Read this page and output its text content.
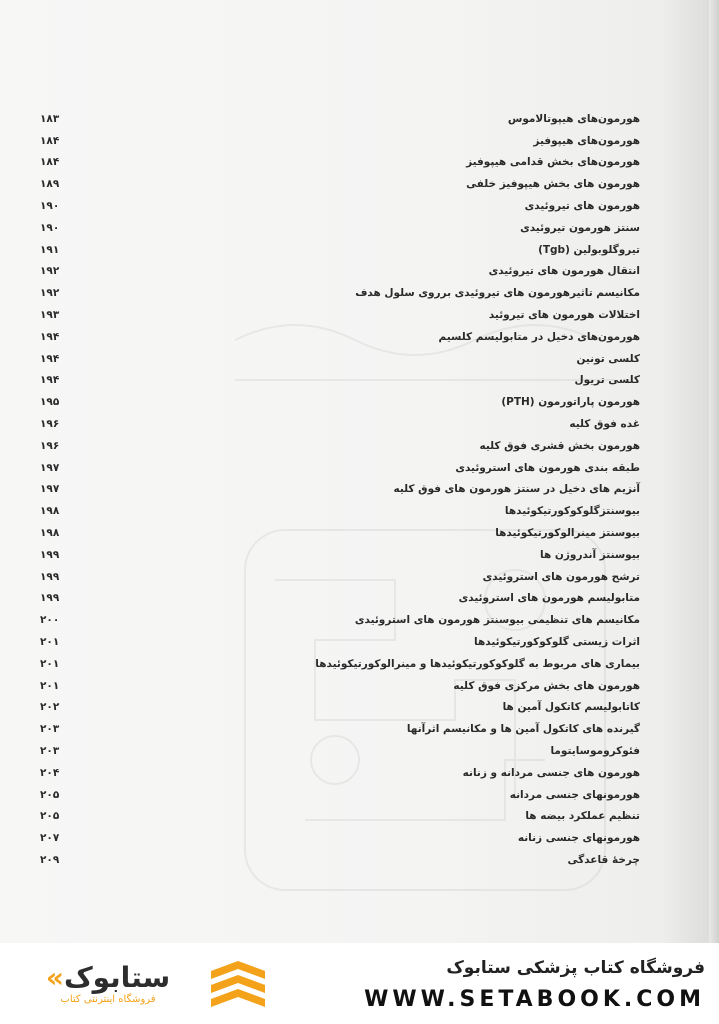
هورمون‌های هیپوتالاموس
۱۸۳
هورمون‌های هیپوفیز
۱۸۴
هورمون‌های بخش قدامی هیپوفیز
۱۸۴
هورمون های بخش هیپوفیز خلفی
۱۸۹
هورمون های تیروئیدی
۱۹۰
سنتز هورمون تیروئیدی
۱۹۰
تیروگلوبولین (Tgb)
۱۹۱
انتقال هورمون های تیروئیدی
۱۹۲
مکانیسم تاثیرهورمون های تیروئیدی برروی سلول هدف
۱۹۲
اختلالات هورمون های تیروئید
۱۹۳
هورمون‌های دخیل در متابولیسم کلسیم
۱۹۴
کلسی تونین
۱۹۴
کلسی تریول
۱۹۴
هورمون پاراتورمون (PTH)
۱۹۵
غده فوق کلیه
۱۹۶
هورمون بخش قشری فوق کلیه
۱۹۶
طبقه بندی هورمون های استروئیدی
۱۹۷
آنزیم های دخیل در سنتز هورمون های فوق کلیه
۱۹۷
بیوسنتزگلوکوکورتیکوئیدها
۱۹۸
بیوسنتز مینرالوکورتیکوئیدها
۱۹۸
بیوسنتز آندروژن ها
۱۹۹
ترشح هورمون های استروئیدی
۱۹۹
متابولیسم هورمون های استروئیدی
۱۹۹
مکانیسم های تنظیمی بیوسنتز هورمون های استروئیدی
۲۰۰
اثرات زیستی گلوکوکورتیکوئیدها
۲۰۱
بیماری های مربوط به گلوکوکورتیکوئیدها و مینرالوکورتیکوئیدها
۲۰۱
هورمون های بخش مرکزی فوق کلیه
۲۰۱
کاتابولیسم کاتکول آمین ها
۲۰۲
گیرنده های کاتکول آمین ها و مکانیسم اثرآنها
۲۰۳
فئوکروموسایتوما
۲۰۳
هورمون های جنسی مردانه و زنانه
۲۰۴
هورمونهای جنسی مردانه
۲۰۵
تنظیم عملکرد بیضه ها
۲۰۵
هورمونهای جنسی زنانه
۲۰۷
چرخهٔ قاعدگی
۲۰۹
«ستابوک
فروشگاه اینترنتی کتاب
فروشگاه کتاب پزشکی ستابوک
WWW.SETABOOK.COM
